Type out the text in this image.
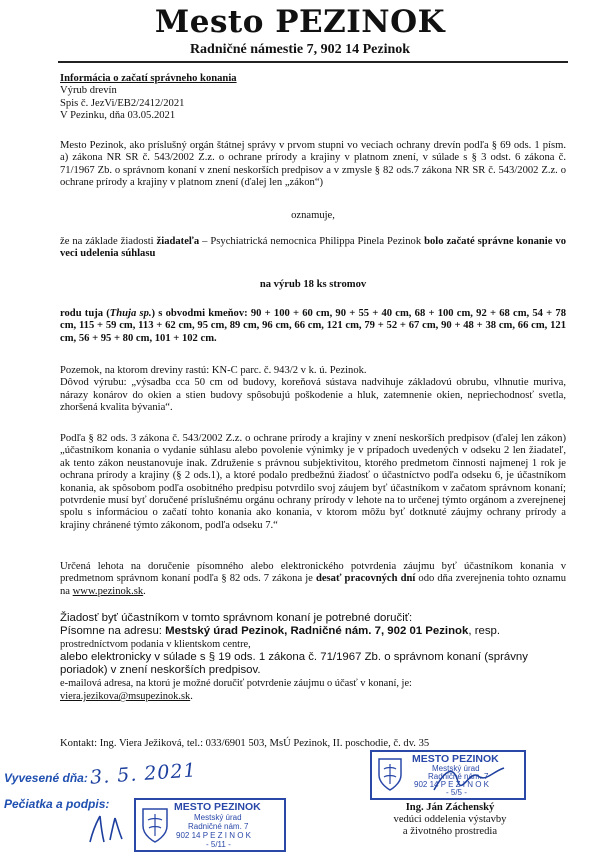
Mesto PEZINOK
Radničné námestie 7, 902 14 Pezinok
Informácia o začatí správneho konania
Výrub drevín
Spis č. JezVi/EB2/2412/2021
V Pezinku, dňa 03.05.2021
Mesto Pezinok, ako príslušný orgán štátnej správy v prvom stupni vo veciach ochrany drevín podľa § 69 ods. 1 písm. a) zákona NR SR č. 543/2002 Z.z. o ochrane prírody a krajiny v platnom znení, v súlade s § 3 odst. 6 zákona č. 71/1967 Zb. o správnom konaní v znení neskorších predpisov a v zmysle § 82 ods.7 zákona NR SR č. 543/2002 Z.z. o ochrane prírody a krajiny v platnom znení (ďalej len „zákon“)
oznamuje,
že na základe žiadosti žiadateľa – Psychiatrická nemocnica Philippa Pinela Pezinok bolo začaté správne konanie vo veci udelenia súhlasu
na výrub 18 ks stromov
rodu tuja (Thuja sp.) s obvodmi kmeňov: 90 + 100 + 60 cm, 90 + 55 + 40 cm, 68 + 100 cm, 92 + 68 cm, 54 + 78 cm, 115 + 59 cm, 113 + 62 cm, 95 cm, 89 cm, 96 cm, 66 cm, 121 cm, 79 + 52 + 67 cm, 90 + 48 + 38 cm, 66 cm, 121 cm, 56 + 95 + 80 cm, 101 + 102 cm.
Pozemok, na ktorom dreviny rastú: KN-C parc. č. 943/2 v k. ú. Pezinok.
Dôvod výrubu: „výsadba cca 50 cm od budovy, koreňová sústava nadvihuje základovú obrubu, vlhnutie muriva, nárazy konárov do okien a stien budovy spôsobujú poškodenie a hluk, zatemnenie okien, nepriechodnosť svetla, zhoršená kvalita bývania“.
Podľa § 82 ods. 3 zákona č. 543/2002 Z.z. o ochrane prírody a krajiny v znení neskorších predpisov (ďalej len zákon) „účastníkom konania o vydanie súhlasu alebo povolenie výnimky je v prípadoch uvedených v odseku 2 len žiadateľ, ak tento zákon neustanovuje inak. Združenie s právnou subjektivitou, ktorého predmetom činnosti najmenej 1 rok je ochrana prírody a krajiny (§ 2 ods.1), a ktoré podalo predbežnú žiadosť o účastníctvo podľa odseku 6, je účastníkom konania, ak spôsobom podľa osobitného predpisu potvrdilo svoj záujem byť účastníkom v začatom správnom konaní; potvrdenie musí byť doručené príslušnému orgánu ochrany prírody v lehote na to určenej týmto orgánom a zverejnenej spolu s informáciou o začatí tohto konania ako konania, v ktorom môžu byť dotknuté záujmy ochrany prírody a krajiny chránené týmto zákonom, podľa odseku 7.“
Určená lehota na doručenie písomného alebo elektronického potvrdenia záujmu byť účastníkom konania v predmetnom správnom konaní podľa § 82 ods. 7 zákona je desať pracovných dní odo dňa zverejnenia tohto oznamu na www.pezinok.sk.
Žiadosť byť účastníkom v tomto správnom konaní je potrebné doručiť:
Písomne na adresu: Mestský úrad Pezinok, Radničné nám. 7, 902 01 Pezinok, resp.
prostredníctvom podania v klientskom centre,
alebo elektronicky v súlade s § 19 ods. 1 zákona č. 71/1967 Zb. o správnom konaní (správny poriadok) v znení neskorších predpisov.
e-mailová adresa, na ktorú je možné doručiť potvrdenie záujmu o účasť v konaní, je:
viera.jezikova@msupezinok.sk.
Kontakt: Ing. Viera Ježiková, tel.: 033/6901 503, MsÚ Pezinok, II. poschodie, č. dv. 35
Vyvesené dňa: 3. 5. 2021
Pečiatka a podpis:	MESTO PEZINOK
Mestský úrad
Radničné nám. 7
902 14 P E Z I N O K
- 5/11 -
MESTO PEZINOK
Mestský úrad
Radničné nám. 7
902 14 P E Z I N O K
- 5/5 -
Ing. Ján Záchenský
vedúci oddelenia výstavby
a životného prostredia
